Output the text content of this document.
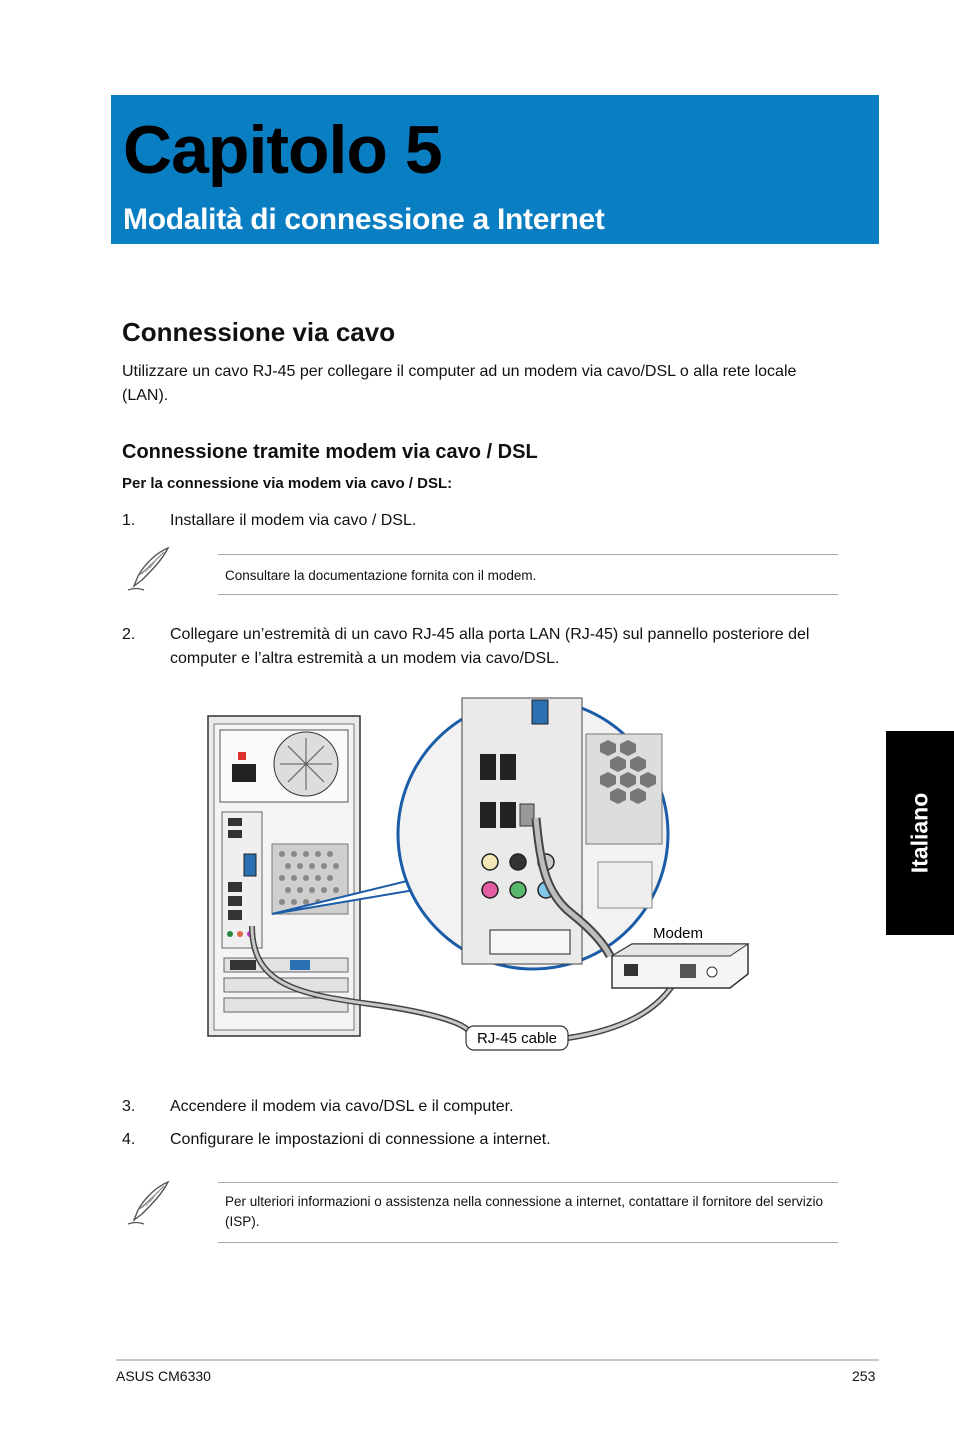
Capitolo 5
Modalità di connessione a Internet
Connessione via cavo
Utilizzare un cavo RJ-45 per collegare il computer ad un modem via cavo/DSL o alla rete locale (LAN).
Connessione tramite modem via cavo / DSL
Per la connessione via modem via cavo / DSL:
1. Installare il modem via cavo / DSL.
Consultare la documentazione fornita con il modem.
2. Collegare un’estremità di un cavo RJ-45 alla porta LAN (RJ-45) sul pannello posteriore del computer e l’altra estremità a un modem via cavo/DSL.
RJ-45 cable
Modem
3. Accendere il modem via cavo/DSL e il computer.
4. Configurare le impostazioni di connessione a internet.
Per ulteriori informazioni o assistenza nella connessione a internet, contattare il fornitore del servizio (ISP).
Italiano
ASUS CM6330	253
